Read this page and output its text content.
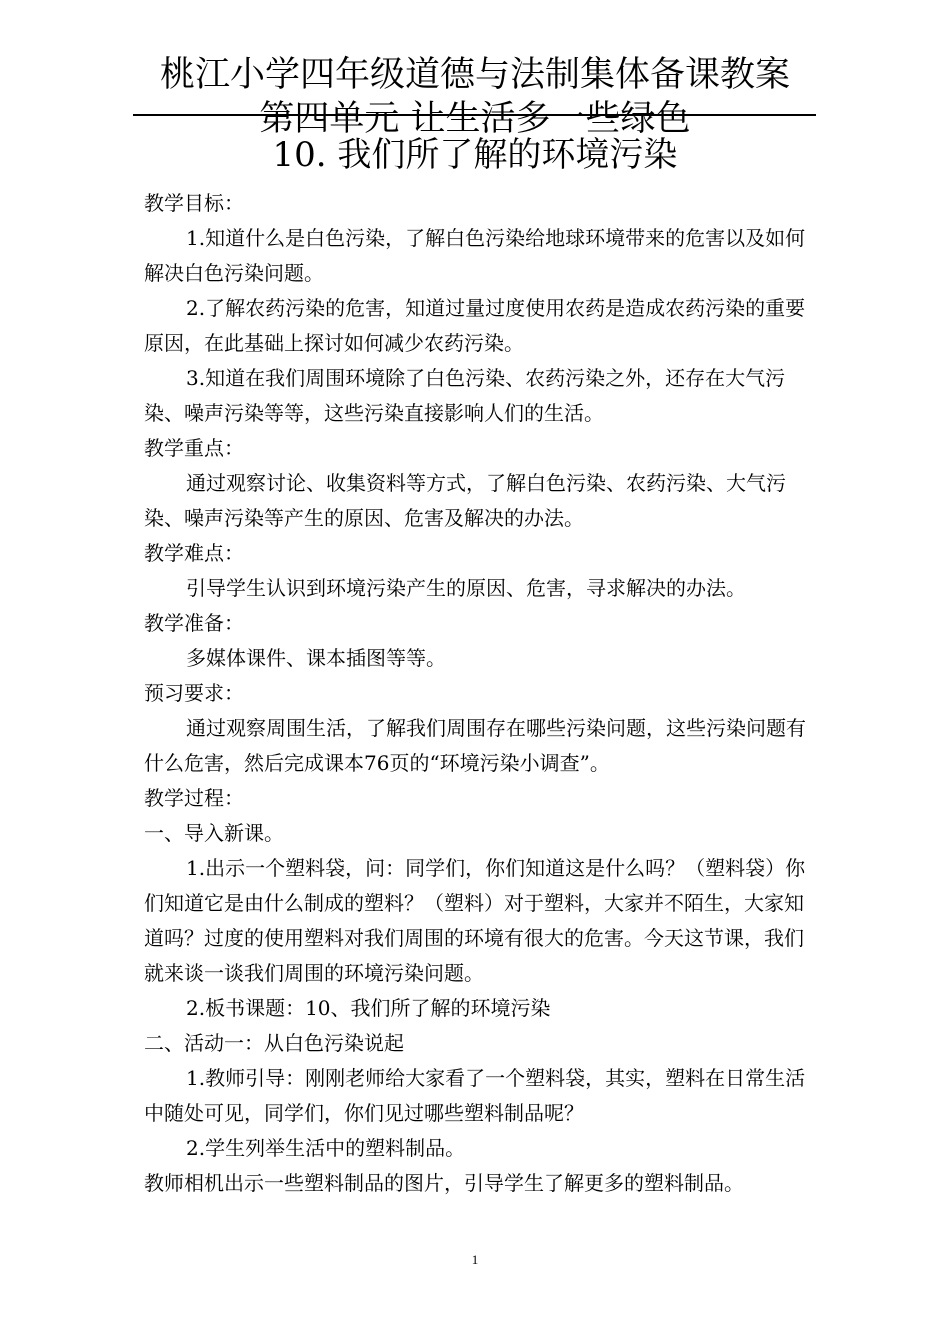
桃江小学四年级道德与法制集体备课教案
第四单元 让生活多一些绿色
10. 我们所了解的环境污染

教学目标：

1.知道什么是白色污染，了解白色污染给地球环境带来的危害以及如何解决白色污染问题。

2.了解农药污染的危害，知道过量过度使用农药是造成农药污染的重要原因，在此基础上探讨如何减少农药污染。

3.知道在我们周围环境除了白色污染、农药污染之外，还存在大气污染、噪声污染等等，这些污染直接影响人们的生活。

教学重点：

通过观察讨论、收集资料等方式，了解白色污染、农药污染、大气污染、噪声污染等产生的原因、危害及解决的办法。

教学难点：

引导学生认识到环境污染产生的原因、危害，寻求解决的办法。

教学准备：

多媒体课件、课本插图等等。

预习要求：

通过观察周围生活，了解我们周围存在哪些污染问题，这些污染问题有什么危害，然后完成课本76页的“环境污染小调查”。

教学过程：

一、导入新课。

1.出示一个塑料袋，问：同学们，你们知道这是什么吗？（塑料袋）你们知道它是由什么制成的塑料？（塑料）对于塑料，大家并不陌生，大家知道吗？过度的使用塑料对我们周围的环境有很大的危害。今天这节课，我们就来谈一谈我们周围的环境污染问题。

2.板书课题：10、我们所了解的环境污染

二、活动一：从白色污染说起

1.教师引导：刚刚老师给大家看了一个塑料袋，其实，塑料在日常生活中随处可见，同学们，你们见过哪些塑料制品呢？

2.学生列举生活中的塑料制品。

教师相机出示一些塑料制品的图片，引导学生了解更多的塑料制品。

1
